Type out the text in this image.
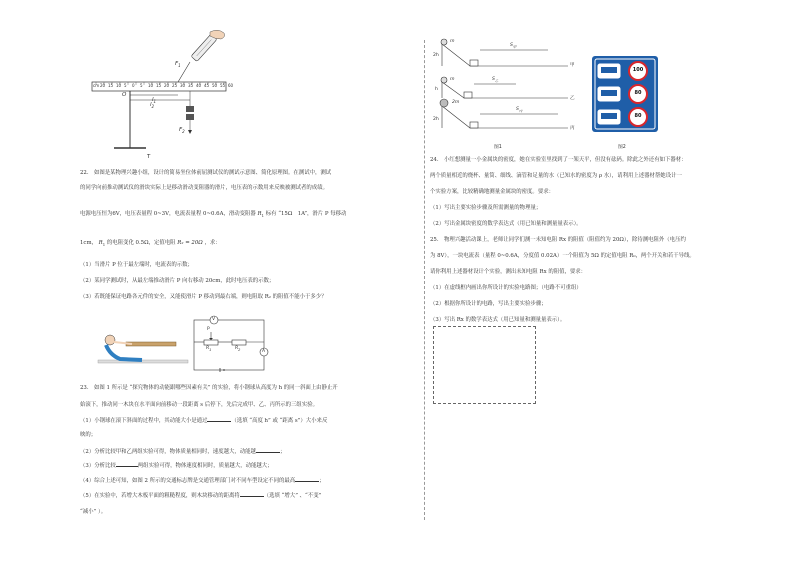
20 15 10 5 0 5 10 15 20 25 30 35 40 45 50 55 60
cm
O
$F_1$
$F_2$
$l_1$
$l_2$
T
22.　如图是某物理兴趣小组，设计的简易坐位体前屈测试仪的测试示意图、简化原理图。在测试中，测试
的同学向前推动测试仪的滑块实际上是移动滑动变阻器的滑片，电压表的示数用来反映被测试者的成绩。
电源电压恒为6V，电压表量程 0~3V，电流表量程 0~0.6A，滑动变阻器 $R_1$ 标有 “15Ω　1A”，滑片 P 每移动
1cm， $R_1$ 的电阻变化 0.5Ω，定值电阻 R₂ = 20Ω ，求：
（1）当滑片 P 位于最左端时，电流表的示数；
（2）某同学测试时，从最左端推动滑片 P 向右移动 20cm，此时电压表的示数；
（3）若既能保证电路各元件的安全，又能使滑片 P 移动到最右端，则电阻取 R₂ 的阻值不能小于多少？
V
A
P
$R_1$	$R_2$
23.　如图 1 所示是 “探究物体的动能跟哪些因素有关” 的实验，将小钢球从高度为 h 的同一斜面上由静止开
始滚下，推动同一木块在水平面向前移动一段距离 s 后停下，先后完成甲、乙、丙所示的三组实验。
（1）小钢球在滚下斜面的过程中，其动能大小是通过	（选填 “高度 h” 或 “距离 s”）大小来反
映的；
（2）分析比较甲和乙两组实验可得，物体质量相同时，速度越大，动能越	；
（3）分析比较	两组实验可得，物体速度相同时，质量越大，动能越大；
（4）综合上述可知，如图 2 所示的交通标志牌是交通管理部门对不同车型设定不同的最高	；
（5）在实验中，若增大木板平面的粗糙程度，则木块移动的距离将	（选填 “增大” 、“不变”
“减小” ）。
m
m
2m
2h
h
2h
$S_甲$
$S_乙$
$S_丙$
甲
乙
丙
图1
100
80
80
图2
24.　小红想测量一小金属块的密度，她在实验室里找到了一架天平，但没有砝码。除此之外还有如下器材：
两个质量相近的烧杯、量筒、细线、滴管和足量的水（已知水的密度为 ρ 水），请利用上述器材帮她设计一
个实验方案，比较精确地测量金属块的密度。要求：
（1）写出主要实验步骤及所需测量的物理量；
（2）写出金属块密度的数学表达式（用已知量和测量量表示）。
25.　物理兴趣活动课上，老师让同学们测一未知电阻 Rx 的阻值（阻值约为 20Ω），除待测电阻外（电压约
为 8V），一块电流表（量程 0~0.6A，分度值 0.02A）一个阻值为 5Ω 的定值电阻 R₀，两个开关和若干导线。
请你利用上述器材设计个实验，测出未知电阻 Rx 的阻值，要求：
（1）在虚线框内画出你所设计的实验电路图；（电路不可重组）
（2）根据你所设计的电路，写出主要实验步骤；
（3）写出 Rx 的数学表达式（用已知量和测量量表示）。
